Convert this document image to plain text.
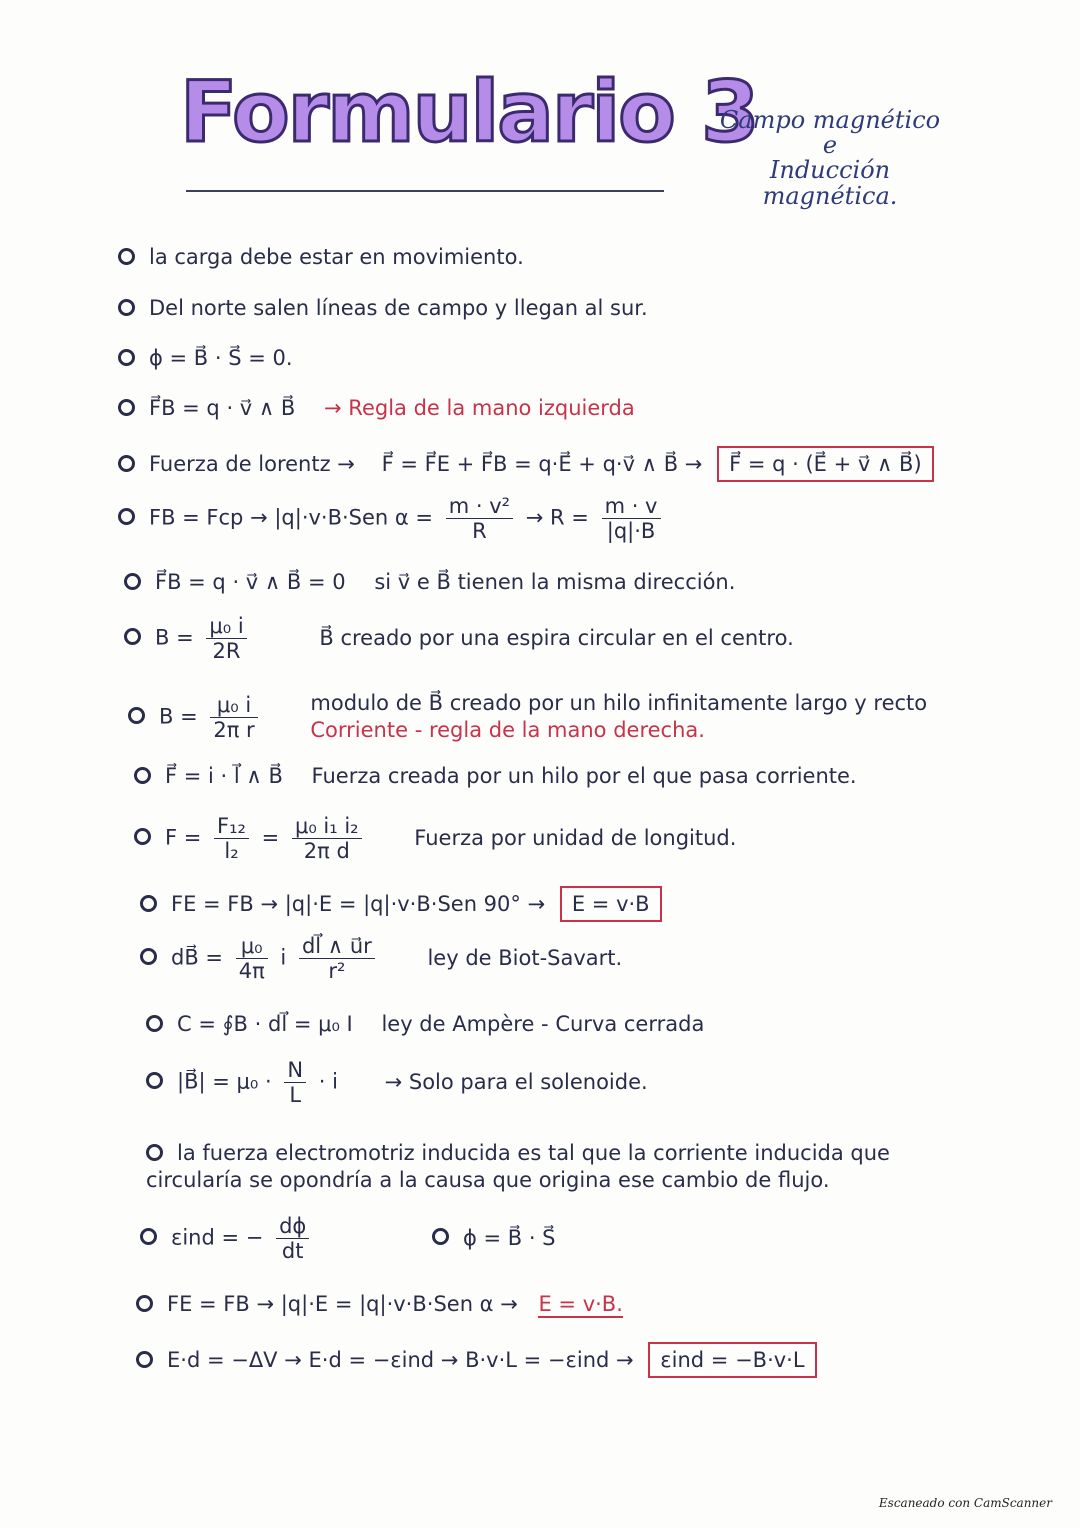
Formulario 3
Campo magnético
e
Inducción magnética.
la carga debe estar en movimiento.
Del norte salen líneas de campo y llegan al sur.
ϕ = B⃗ · S⃗ = 0.
F⃗B = q · v⃗ ∧ B⃗ → Regla de la mano izquierda
Fuerza de lorentz → F⃗ = F⃗E + F⃗B = q·E⃗ + q·v⃗ ∧ B⃗ → F⃗ = q · (E⃗ + v⃗ ∧ B⃗)
FB = Fcp → |q|·v·B·Sen $\alpha = \frac{\text{m · v²}}{R} \to R = \frac{m \cdot v}{|q|\cdot B}$
F⃗B = q · v⃗ ∧ B⃗ = 0 si v⃗ e B⃗ tienen la misma dirección.
$B = \frac{\text{μ₀ i}}{2R}$	B⃗ creado por una espira circular en el centro.
$B = \frac{\text{μ₀ i}}{\text{2π r}}$
	modulo de B⃗ creado por un hilo infinitamente largo y recto
Corriente - regla de la mano derecha.
F⃗ = i · l⃗ ∧ B⃗ Fuerza creada por un hilo por el que pasa corriente.
$F = \frac{\text{F₁₂}}{\text{l₂}} = \frac{\text{μ₀ i₁ i₂}}{\text{2π d}}$	Fuerza por unidad de longitud.
FE = FB → |q|·E = |q|·v·B·Sen 90° → E = v·B
dB⃗ = $\frac{\text{μ₀}}{4\pi}$ i $\frac{dl⃗ \wedge u⃗r}{\text{r²}}$	ley de Biot-Savart.
C = ∮B · dl⃗ = μ₀ I ley de Ampère - Curva cerrada
|B⃗| = $\mu_0 \cdot \frac{N}{L} \cdot i$ → Solo para el solenoide.
la fuerza electromotriz inducida es tal que la corriente inducida que circularía se opondría a la causa que origina ese cambio de flujo.
εind = − $\frac{d\phi}{dt}$	ϕ = B⃗ · S⃗
FE = FB → |q|·E = |q|·v·B·Sen α → E = v·B.
E·d = −ΔV → E·d = −εind → B·v·L = −εind → εind = −B·v·L
Escaneado con CamScanner
